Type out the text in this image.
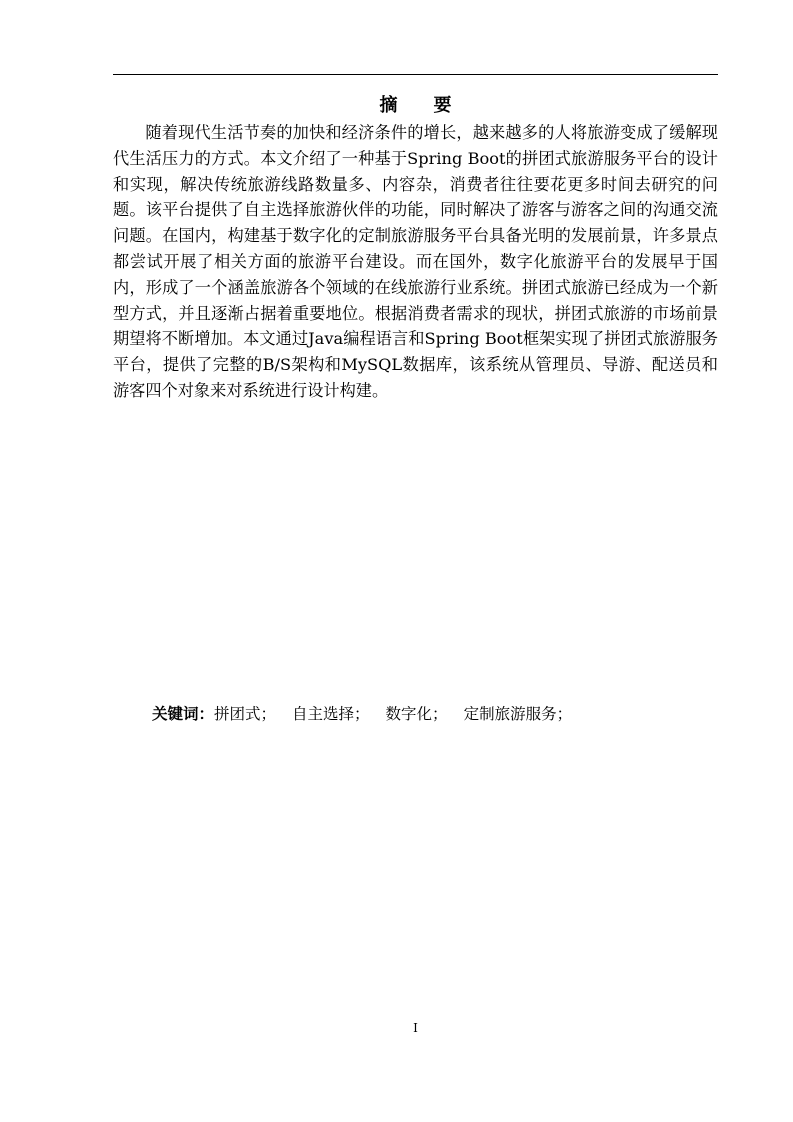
摘　　要

随着现代生活节奏的加快和经济条件的增长，越来越多的人将旅游变成了缓解现代生活压力的方式。本文介绍了一种基于Spring Boot的拼团式旅游服务平台的设计和实现，解决传统旅游线路数量多、内容杂，消费者往往要花更多时间去研究的问题。该平台提供了自主选择旅游伙伴的功能，同时解决了游客与游客之间的沟通交流问题。在国内，构建基于数字化的定制旅游服务平台具备光明的发展前景，许多景点都尝试开展了相关方面的旅游平台建设。而在国外，数字化旅游平台的发展早于国内，形成了一个涵盖旅游各个领域的在线旅游行业系统。拼团式旅游已经成为一个新型方式，并且逐渐占据着重要地位。根据消费者需求的现状，拼团式旅游的市场前景期望将不断增加。本文通过Java编程语言和Spring Boot框架实现了拼团式旅游服务平台，提供了完整的B/S架构和MySQL数据库，该系统从管理员、导游、配送员和游客四个对象来对系统进行设计构建。

关键词：拼团式； 自主选择； 数字化； 定制旅游服务；
I
